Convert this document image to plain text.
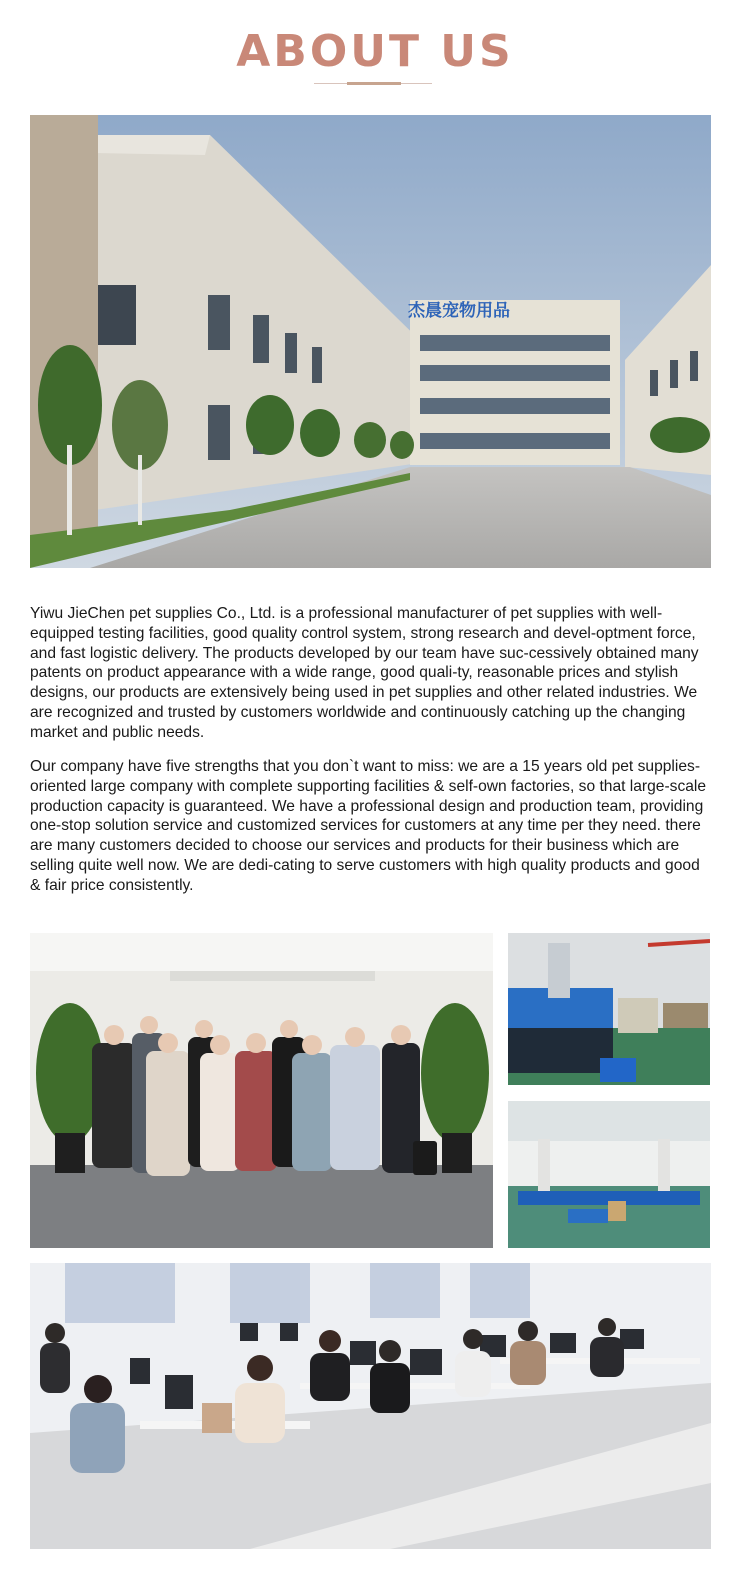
ABOUT US
杰晨宠物用品

Yiwu JieChen pet supplies Co., Ltd. is a professional manufacturer of pet supplies with well-equipped testing facilities, good quality control system, strong research and devel-optment force, and fast logistic delivery. The products developed by our team have suc-cessively obtained many patents on product appearance with a wide range, good quali-ty, reasonable prices and stylish designs, our products are extensively being used in pet supplies and other related industries. We are recognized and trusted by customers worldwide and continuously catching up the changing market and public needs.

Our company have five strengths that you don`t want to miss: we are a 15 years old pet supplies-oriented large company with complete supporting facilities & self-own factories, so that large-scale production capacity is guaranteed. We have a professional design and production team, providing one-stop solution service and customized services for customers at any time per they need. there are many customers decided to choose our services and products for their business which are selling quite well now. We are dedi-cating to serve customers with high quality products and good & fair price consistently.
